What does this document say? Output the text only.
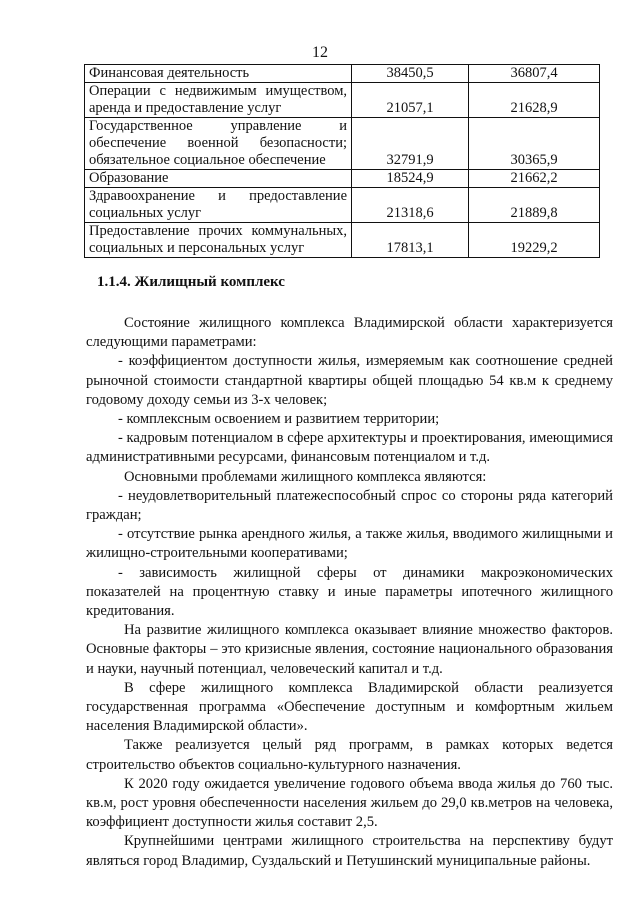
12
Финансовая деятельность	38450,5	36807,4
Операции с недвижимым имуществом, аренда и предоставление услуг	21057,1	21628,9
Государственное управление и обеспечение военной безопасности; обязательное социальное обеспечение	32791,9	30365,9
Образование	18524,9	21662,2
Здравоохранение и предоставление социальных услуг	21318,6	21889,8
Предоставление прочих коммунальных, социальных и персональных услуг	17813,1	19229,2
1.1.4. Жилищный комплекс

Состояние жилищного комплекса Владимирской области характеризуется следующими параметрами:

- коэффициентом доступности жилья, измеряемым как соотношение средней рыночной стоимости стандартной квартиры общей площадью 54 кв.м к среднему годовому доходу семьи из 3-х человек;

- комплексным освоением и развитием территории;

- кадровым потенциалом в сфере архитектуры и проектирования, имеющимися административными ресурсами, финансовым потенциалом и т.д.

Основными проблемами жилищного комплекса являются:

- неудовлетворительный платежеспособный спрос со стороны ряда категорий граждан;

- отсутствие рынка арендного жилья, а также жилья, вводимого жилищными и жилищно-строительными кооперативами;

- зависимость жилищной сферы от динамики макроэкономических показателей на процентную ставку и иные параметры ипотечного жилищного кредитования.

На развитие жилищного комплекса оказывает влияние множество факторов. Основные факторы – это кризисные явления, состояние национального образования и науки, научный потенциал, человеческий капитал и т.д.

В сфере жилищного комплекса Владимирской области реализуется государственная программа «Обеспечение доступным и комфортным жильем населения Владимирской области».

Также реализуется целый ряд программ, в рамках которых ведется строительство объектов социально-культурного назначения.

К 2020 году ожидается увеличение годового объема ввода жилья до 760 тыс. кв.м, рост уровня обеспеченности населения жильем до 29,0 кв.метров на человека, коэффициент доступности жилья составит 2,5.

Крупнейшими центрами жилищного строительства на перспективу будут являться город Владимир, Суздальский и Петушинский муниципальные районы.
